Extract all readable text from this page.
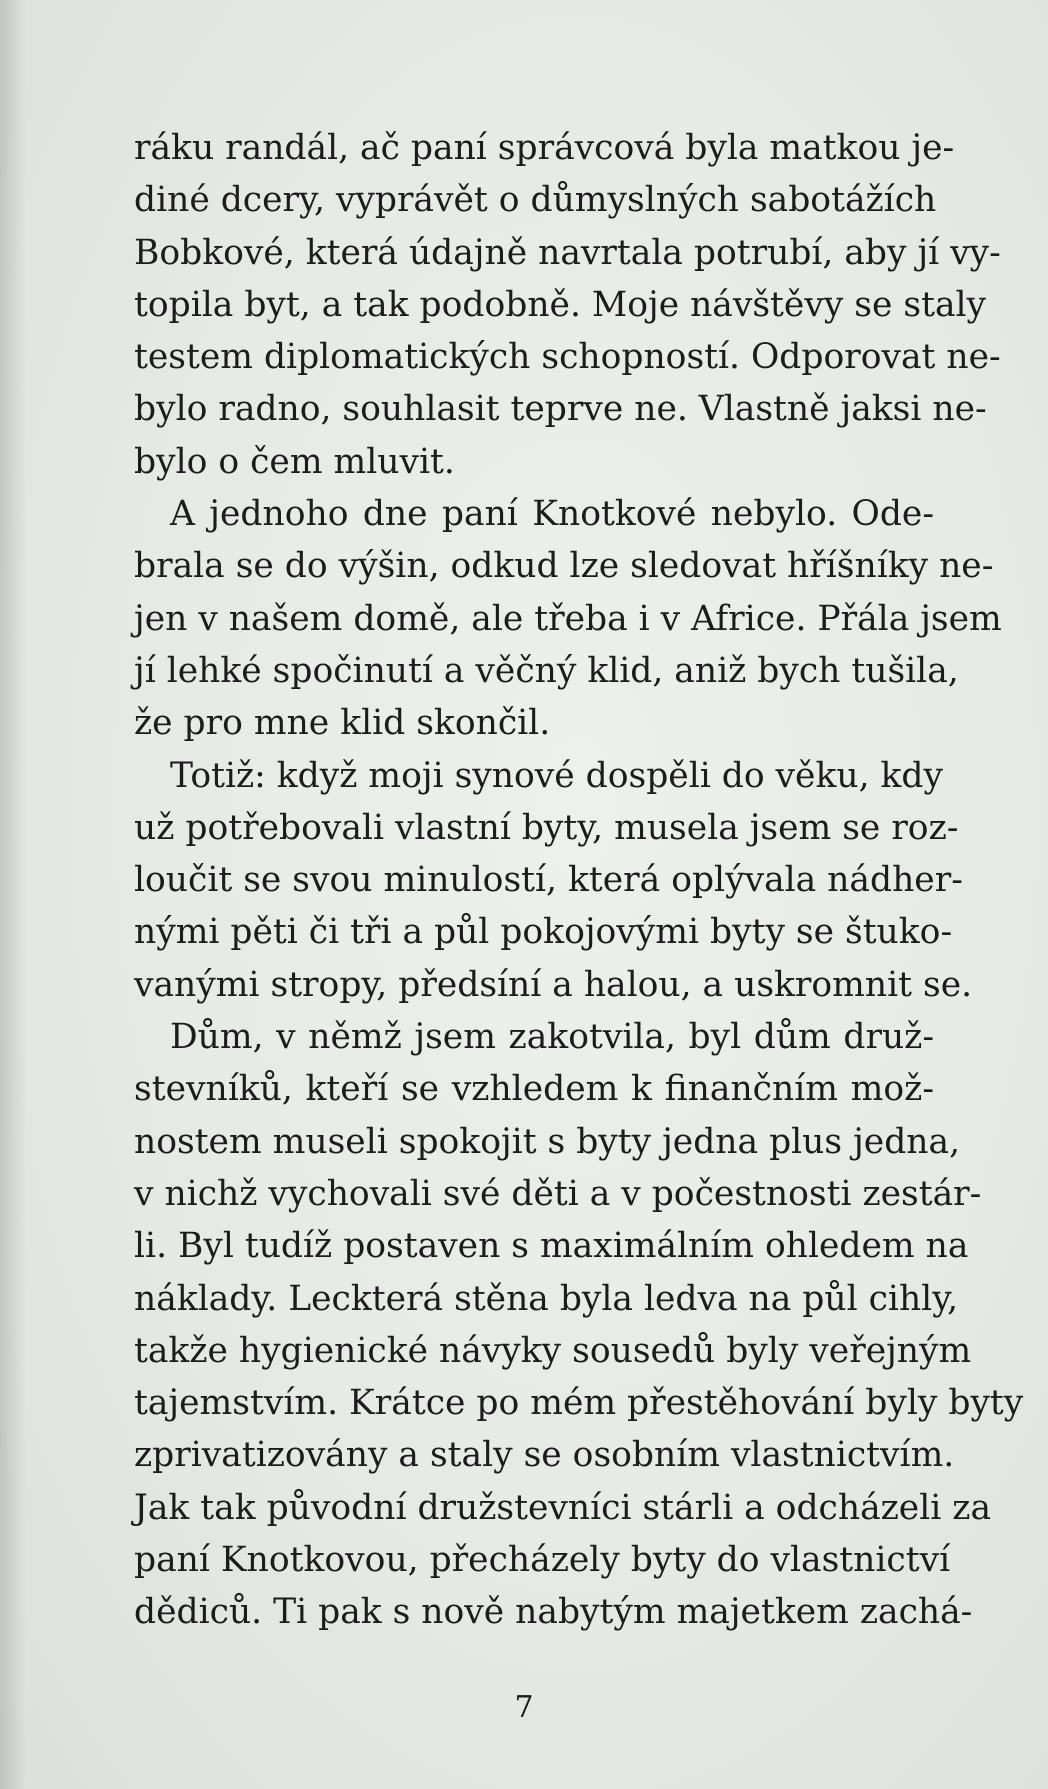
ráku randál, ač paní správcová byla matkou je-
diné dcery, vyprávět o důmyslných sabotážích
Bobkové, která údajně navrtala potrubí, aby jí vy-
topila byt, a tak podobně. Moje návštěvy se staly
testem diplomatických schopností. Odporovat ne-
bylo radno, souhlasit teprve ne. Vlastně jaksi ne-
bylo o čem mluvit.
A jednoho dne paní Knotkové nebylo. Ode-
brala se do výšin, odkud lze sledovat hříšníky ne-
jen v našem domě, ale třeba i v Africe. Přála jsem
jí lehké spočinutí a věčný klid, aniž bych tušila,
že pro mne klid skončil.
Totiž: když moji synové dospěli do věku, kdy
už potřebovali vlastní byty, musela jsem se roz-
loučit se svou minulostí, která oplývala nádher-
nými pěti či tři a půl pokojovými byty se štuko-
vanými stropy, předsíní a halou, a uskromnit se.
Dům, v němž jsem zakotvila, byl dům druž-
stevníků, kteří se vzhledem k finančním mož-
nostem museli spokojit s byty jedna plus jedna,
v nichž vychovali své děti a v počestnosti zestár-
li. Byl tudíž postaven s maximálním ohledem na
náklady. Leckterá stěna byla ledva na půl cihly,
takže hygienické návyky sousedů byly veřejným
tajemstvím. Krátce po mém přestěhování byly byty
zprivatizovány a staly se osobním vlastnictvím.
Jak tak původní družstevníci stárli a odcházeli za
paní Knotkovou, přecházely byty do vlastnictví
dědiců. Ti pak s nově nabytým majetkem zachá-
7
